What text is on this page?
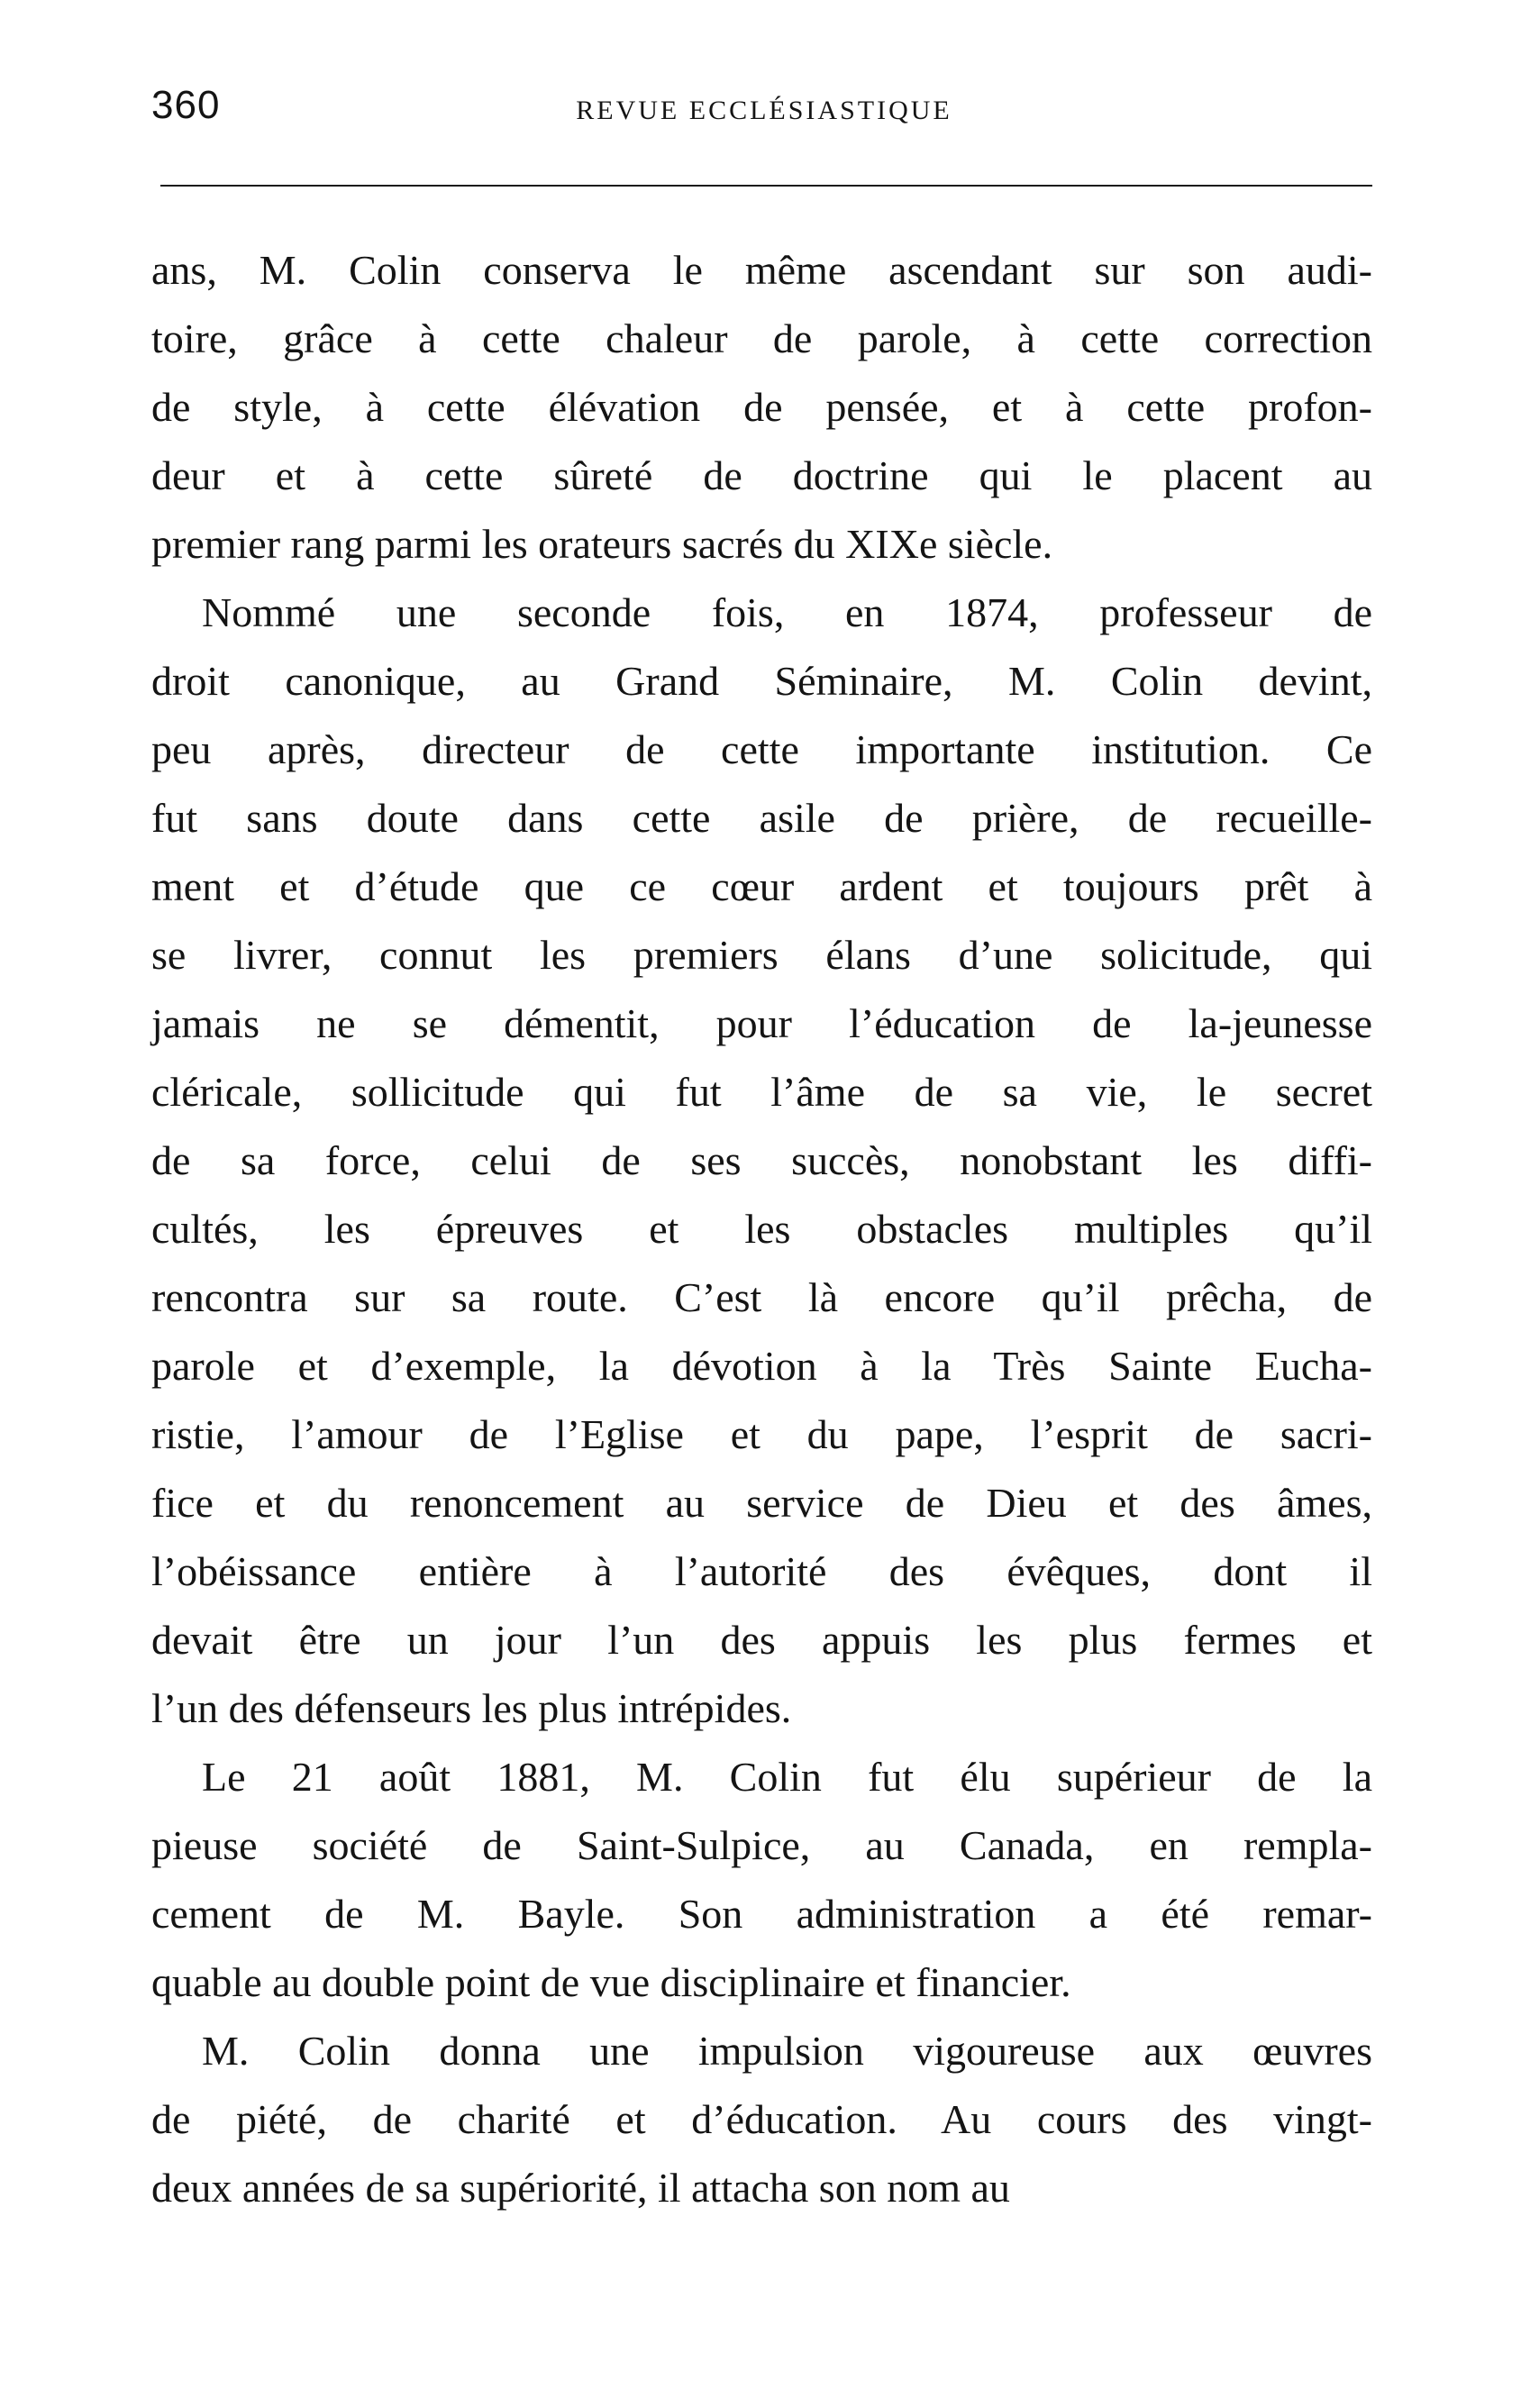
360	REVUE ECCLÉSIASTIQUE

ans, M. Colin conserva le même ascendant sur son audi-
toire, grâce à cette chaleur de parole, à cette correction
de style, à cette élévation de pensée, et à cette profon-
deur et à cette sûreté de doctrine qui le placent au
premier rang parmi les orateurs sacrés du XIXe siècle.

Nommé une seconde fois, en 1874, professeur de
droit canonique, au Grand Séminaire, M. Colin devint,
peu après, directeur de cette importante institution. Ce
fut sans doute dans cette asile de prière, de recueille-
ment et d’étude que ce cœur ardent et toujours prêt à
se livrer, connut les premiers élans d’une solicitude, qui
jamais ne se démentit, pour l’éducation de la-jeunesse
cléricale, sollicitude qui fut l’âme de sa vie, le secret
de sa force, celui de ses succès, nonobstant les diffi-
cultés, les épreuves et les obstacles multiples qu’il
rencontra sur sa route. C’est là encore qu’il prêcha, de
parole et d’exemple, la dévotion à la Très Sainte Eucha-
ristie, l’amour de l’Eglise et du pape, l’esprit de sacri-
fice et du renoncement au service de Dieu et des âmes,
l’obéissance entière à l’autorité des évêques, dont il
devait être un jour l’un des appuis les plus fermes et
l’un des défenseurs les plus intrépides.

Le 21 août 1881, M. Colin fut élu supérieur de la
pieuse société de Saint-Sulpice, au Canada, en rempla-
cement de M. Bayle. Son administration a été remar-
quable au double point de vue disciplinaire et financier.

M. Colin donna une impulsion vigoureuse aux œuvres
de piété, de charité et d’éducation. Au cours des vingt-
deux années de sa supériorité, il attacha son nom au
